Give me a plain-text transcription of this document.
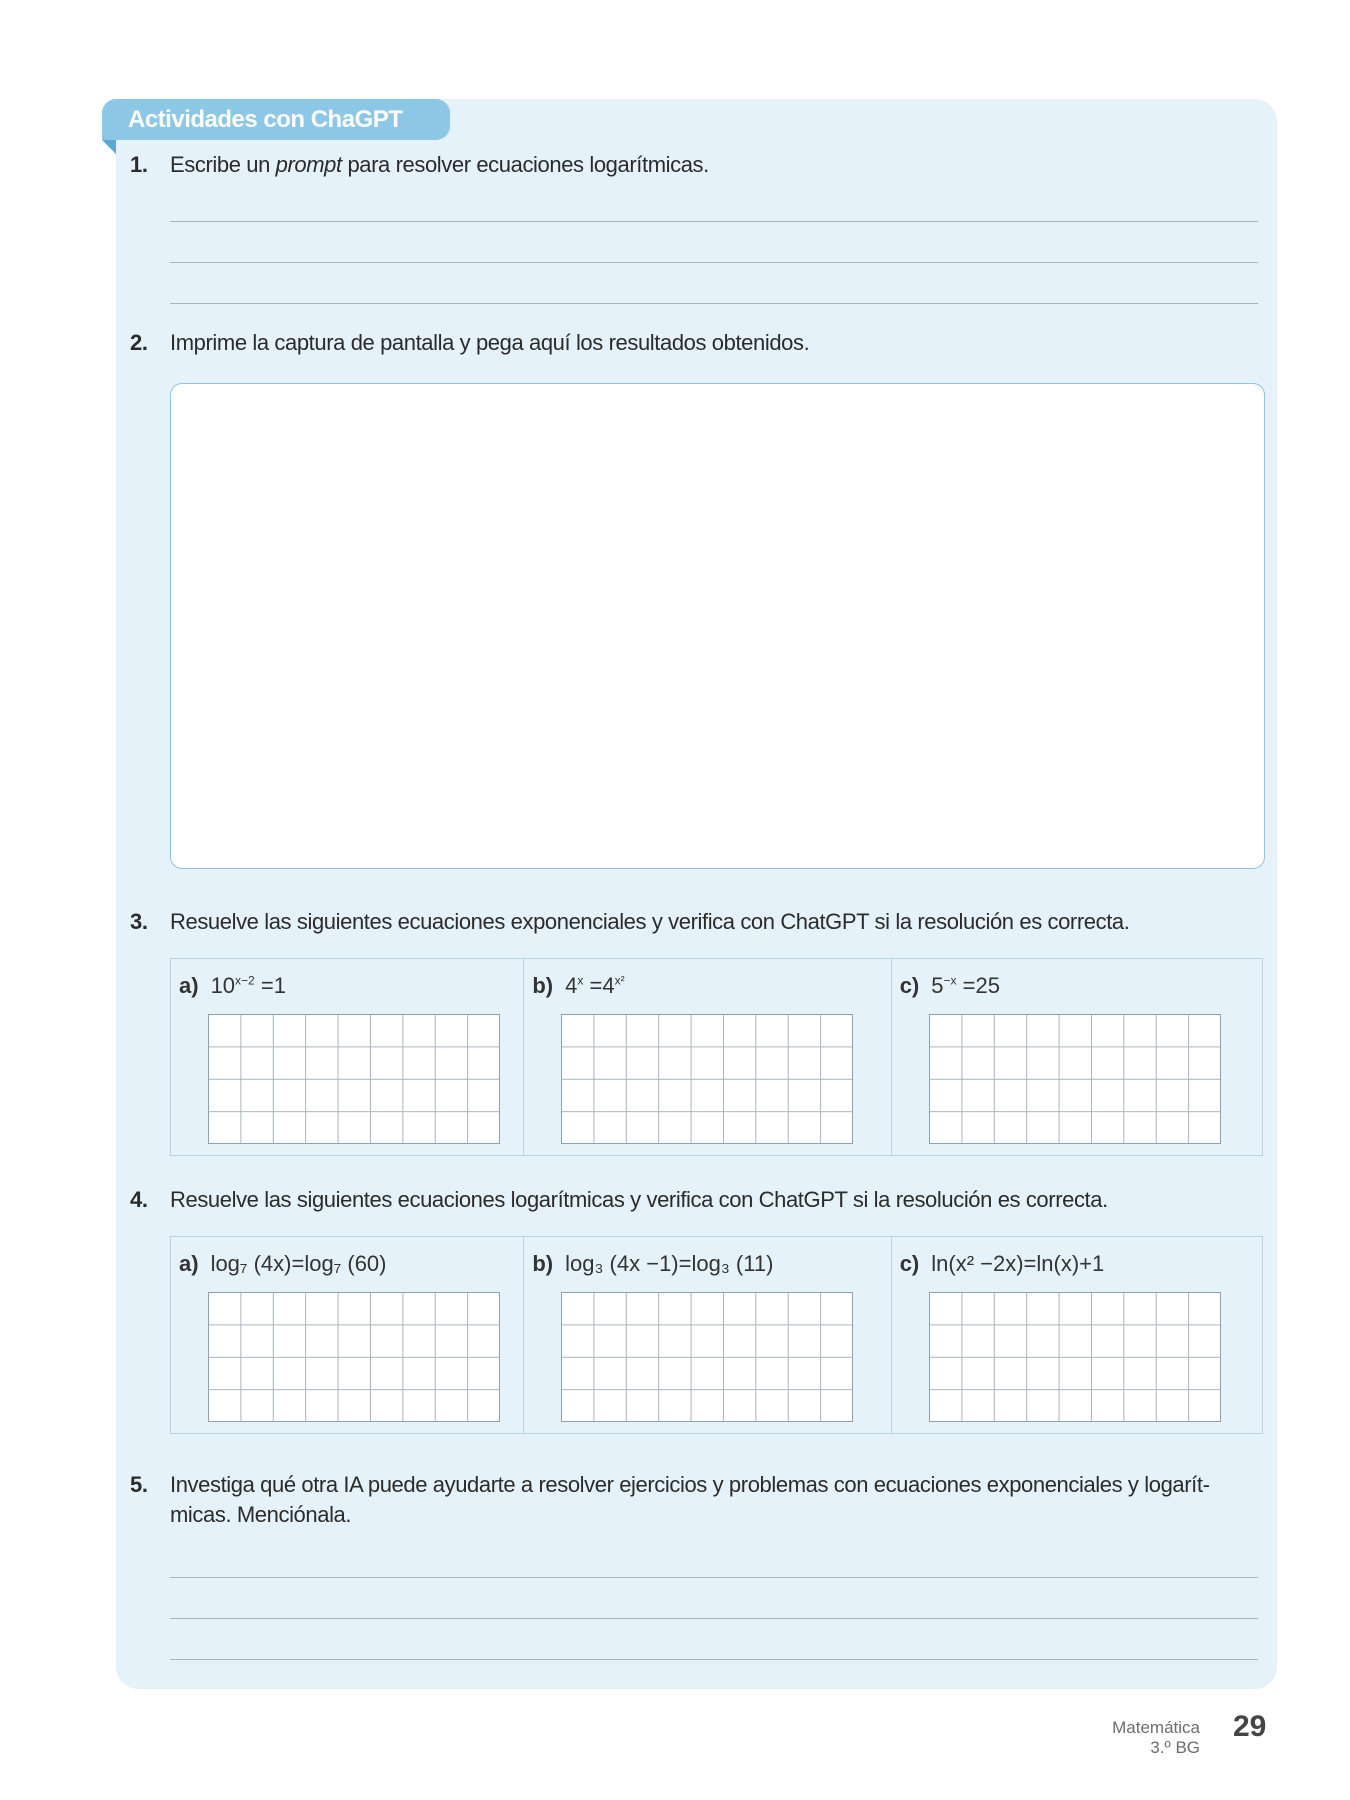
Actividades con ChaGPT
1. Escribe un prompt para resolver ecuaciones logarítmicas.
2. Imprime la captura de pantalla y pega aquí los resultados obtenidos.
3. Resuelve las siguientes ecuaciones exponenciales y verifica con ChatGPT si la resolución es correcta.
a) $10^{x-2} =1$	b) $4^x =4^{x^2}$	c) $5^{-x} =25$
4. Resuelve las siguientes ecuaciones logarítmicas y verifica con ChatGPT si la resolución es correcta.
a) log₇ (4x)=log₇ (60)	b) log₃ (4x −1)=log₃ (11)	c) ln(x² −2x)=ln(x)+1
5. Investiga qué otra IA puede ayudarte a resolver ejercicios y problemas con ecuaciones exponenciales y logarít-micas. Menciónala.
Matemática
3.º BG
29
